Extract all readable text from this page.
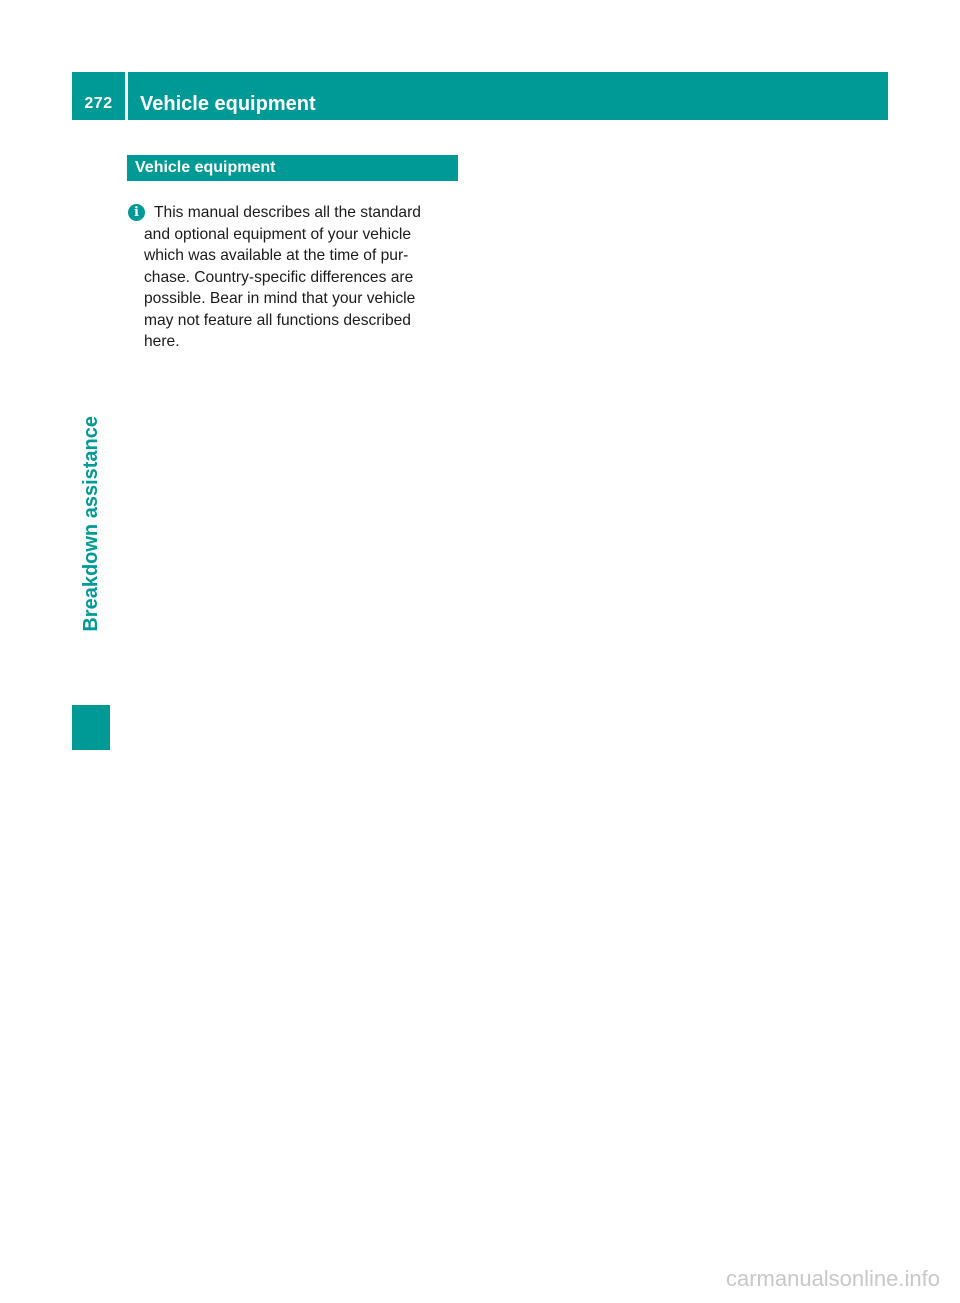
272	Vehicle equipment
Breakdown assistance
Vehicle equipment
i This manual describes all the standard
and optional equipment of your vehicle
which was available at the time of pur-
chase. Country-specific differences are
possible. Bear in mind that your vehicle
may not feature all functions described
here.

carmanualsonline.info
